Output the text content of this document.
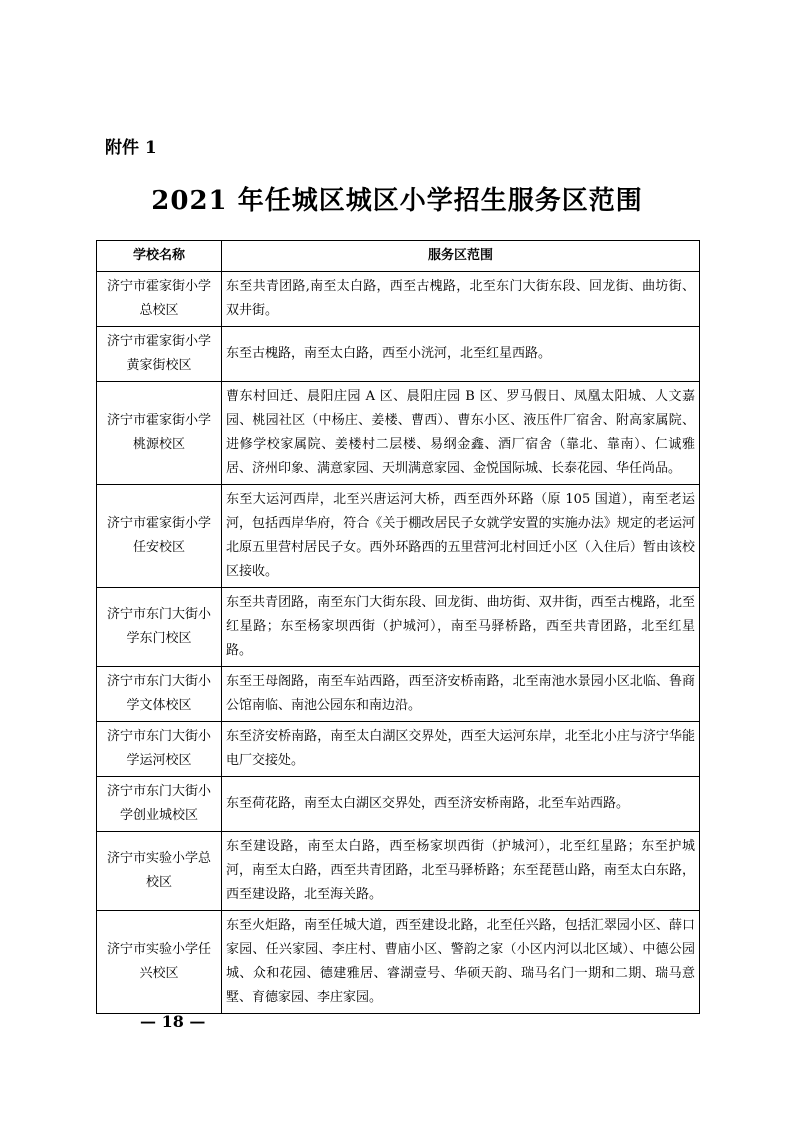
附件 1
2021 年任城区城区小学招生服务区范围
学校名称	服务区范围
济宁市霍家街小学总校区	东至共青团路,南至太白路，西至古槐路，北至东门大街东段、回龙街、曲坊街、双井街。
济宁市霍家街小学黄家街校区	东至古槐路，南至太白路，西至小洸河，北至红星西路。
济宁市霍家街小学桃源校区	曹东村回迁、晨阳庄园 A 区、晨阳庄园 B 区、罗马假日、凤凰太阳城、人文嘉园、桃园社区（中杨庄、姜楼、曹西）、曹东小区、液压件厂宿舍、附高家属院、进修学校家属院、姜楼村二层楼、易纲金鑫、酒厂宿舍（靠北、靠南）、仁诚雅居、济州印象、满意家园、天圳满意家园、金悦国际城、长泰花园、华任尚品。
济宁市霍家街小学任安校区	东至大运河西岸，北至兴唐运河大桥，西至西外环路（原 105 国道），南至老运河，包括西岸华府，符合《关于棚改居民子女就学安置的实施办法》规定的老运河北原五里营村居民子女。西外环路西的五里营河北村回迁小区（入住后）暂由该校区接收。
济宁市东门大街小学东门校区	东至共青团路，南至东门大街东段、回龙街、曲坊街、双井街，西至古槐路，北至红星路；东至杨家坝西街（护城河），南至马驿桥路，西至共青团路，北至红星路。
济宁市东门大街小学文体校区	东至王母阁路，南至车站西路，西至济安桥南路，北至南池水景园小区北临、鲁商公馆南临、南池公园东和南边沿。
济宁市东门大街小学运河校区	东至济安桥南路，南至太白湖区交界处，西至大运河东岸，北至北小庄与济宁华能电厂交接处。
济宁市东门大街小学创业城校区	东至荷花路，南至太白湖区交界处，西至济安桥南路，北至车站西路。
济宁市实验小学总校区	东至建设路，南至太白路，西至杨家坝西街（护城河），北至红星路；东至护城河，南至太白路，西至共青团路，北至马驿桥路；东至琵琶山路，南至太白东路，西至建设路，北至海关路。
济宁市实验小学任兴校区	东至火炬路，南至任城大道，西至建设北路，北至任兴路，包括汇翠园小区、薛口家园、任兴家园、李庄村、曹庙小区、警韵之家（小区内河以北区域）、中德公园城、众和花园、德建雅居、睿湖壹号、华硕天韵、瑞马名门一期和二期、瑞马意墅、育德家园、李庄家园。
— 18 —
